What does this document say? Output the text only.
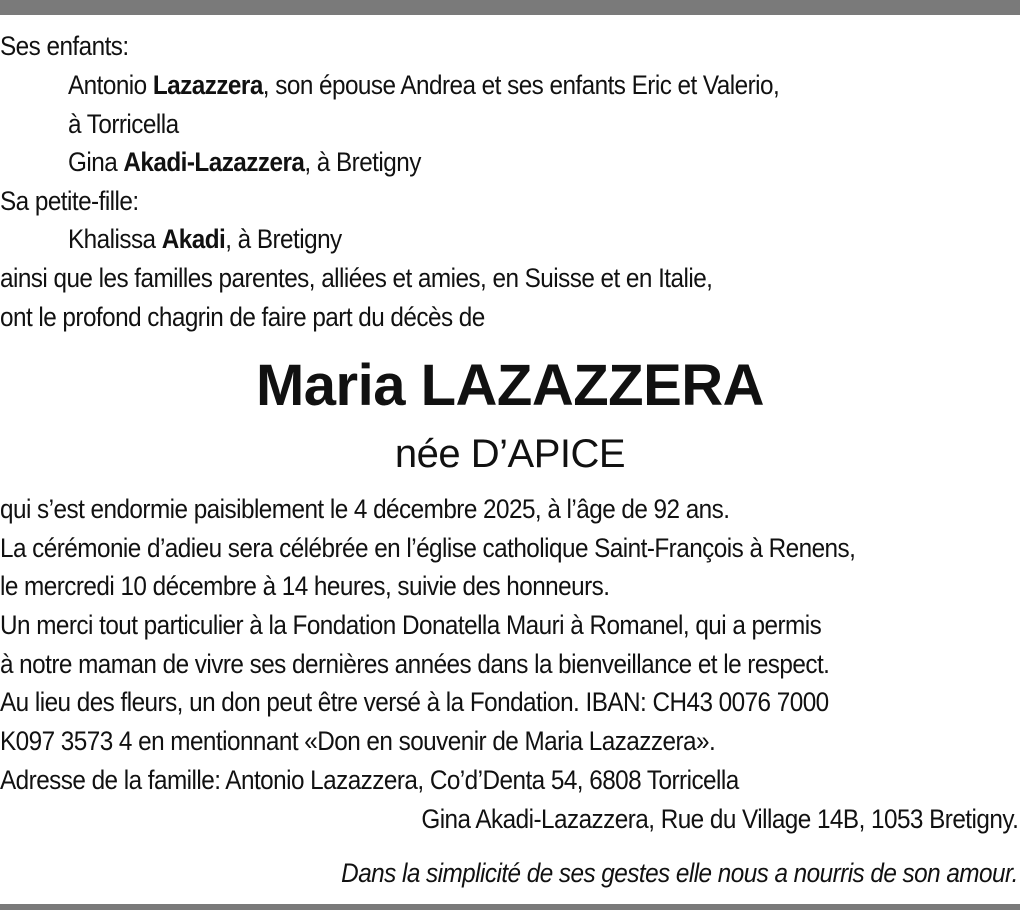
Ses enfants:
Antonio Lazazzera, son épouse Andrea et ses enfants Eric et Valerio,
à Torricella
Gina Akadi-Lazazzera, à Bretigny
Sa petite-fille:
Khalissa Akadi, à Bretigny
ainsi que les familles parentes, alliées et amies, en Suisse et en Italie,
ont le profond chagrin de faire part du décès de
Maria LAZAZZERA
née D’APICE
qui s’est endormie paisiblement le 4 décembre 2025, à l’âge de 92 ans.
La cérémonie d’adieu sera célébrée en l’église catholique Saint-François à Renens,
le mercredi 10 décembre à 14 heures, suivie des honneurs.
Un merci tout particulier à la Fondation Donatella Mauri à Romanel, qui a permis
à notre maman de vivre ses dernières années dans la bienveillance et le respect.
Au lieu des fleurs, un don peut être versé à la Fondation. IBAN: CH43 0076 7000
K097 3573 4 en mentionnant «Don en souvenir de Maria Lazazzera».
Adresse de la famille: Antonio Lazazzera, Co’d’Denta 54, 6808 Torricella
Gina Akadi-Lazazzera, Rue du Village 14B, 1053 Bretigny.
Dans la simplicité de ses gestes elle nous a nourris de son amour.
